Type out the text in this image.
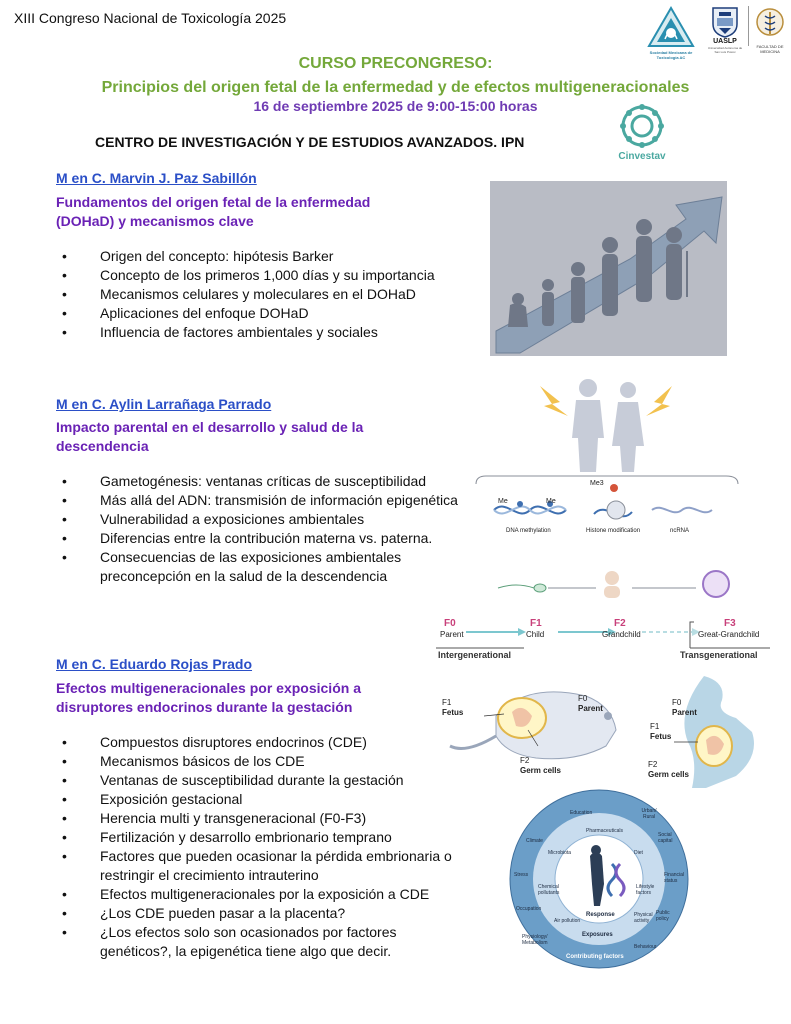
XIII Congreso Nacional de Toxicología 2025
Sociedad Mexicana de Toxicología AC
UASLP
Universidad Autónoma de San Luis Potosí
FACULTAD DE MEDICINA
CURSO PRECONGRESO:
Principios del origen fetal de la enfermedad y de efectos multigeneracionales
16 de septiembre 2025 de 9:00-15:00 horas
CENTRO DE INVESTIGACIÓN Y DE ESTUDIOS AVANZADOS. IPN
Cinvestav
M en C. Marvin J. Paz Sabillón
Fundamentos del origen fetal de la enfermedad
(DOHaD) y mecanismos clave
• Origen del concepto: hipótesis Barker
• Concepto de los primeros 1,000 días y su importancia
• Mecanismos celulares y moleculares en el DOHaD
• Aplicaciones del enfoque DOHaD
• Influencia de factores ambientales y sociales
M en C. Aylin Larrañaga Parrado
Impacto parental en el desarrollo y salud de la
descendencia
• Gametogénesis: ventanas críticas de susceptibilidad
• Más allá del ADN: transmisión de información epigenética
• Vulnerabilidad a exposiciones ambientales
• Diferencias entre la contribución materna vs. paterna.
• Consecuencias de las exposiciones ambientales preconcepción en la salud de la descendencia
Me	Me
Me3
DNA methylation	Histone modification	ncRNA
F0
Parent
F1
Child
F2
Grandchild
F3
Great-Grandchild
Intergenerational	Transgenerational
M en C. Eduardo Rojas Prado
Efectos multigeneracionales por exposición a
disruptores endocrinos durante la gestación
• Compuestos disruptores endocrinos (CDE)
• Mecanismos básicos de los CDE
• Ventanas de susceptibilidad durante la gestación
• Exposición gestacional
• Herencia multi y transgeneracional (F0-F3)
• Fertilización y desarrollo embrionario temprano
• Factores que pueden ocasionar la pérdida embrionaria o restringir el crecimiento intrauterino
• Efectos multigeneracionales por la exposición a CDE
• ¿Los CDE pueden pasar a la placenta?
• ¿Los efectos solo son ocasionados por factores genéticos?, la epigenética tiene algo que decir.
F1
Fetus
F0
Parent
F2
Germ cells
F0
Parent
F1
Fetus
F2
Germ cells
Education	Urban/ Rural
Social capital
Financial status
Public policy
Behaviour
Physiology/ Metabolism
Occupation
Stress
Climate
Pharmaceuticals
Microbiota	Diet
Lifestyle factors
Physical activity
Air pollution
Chemical pollutants
Response
Exposures
Contributing factors
